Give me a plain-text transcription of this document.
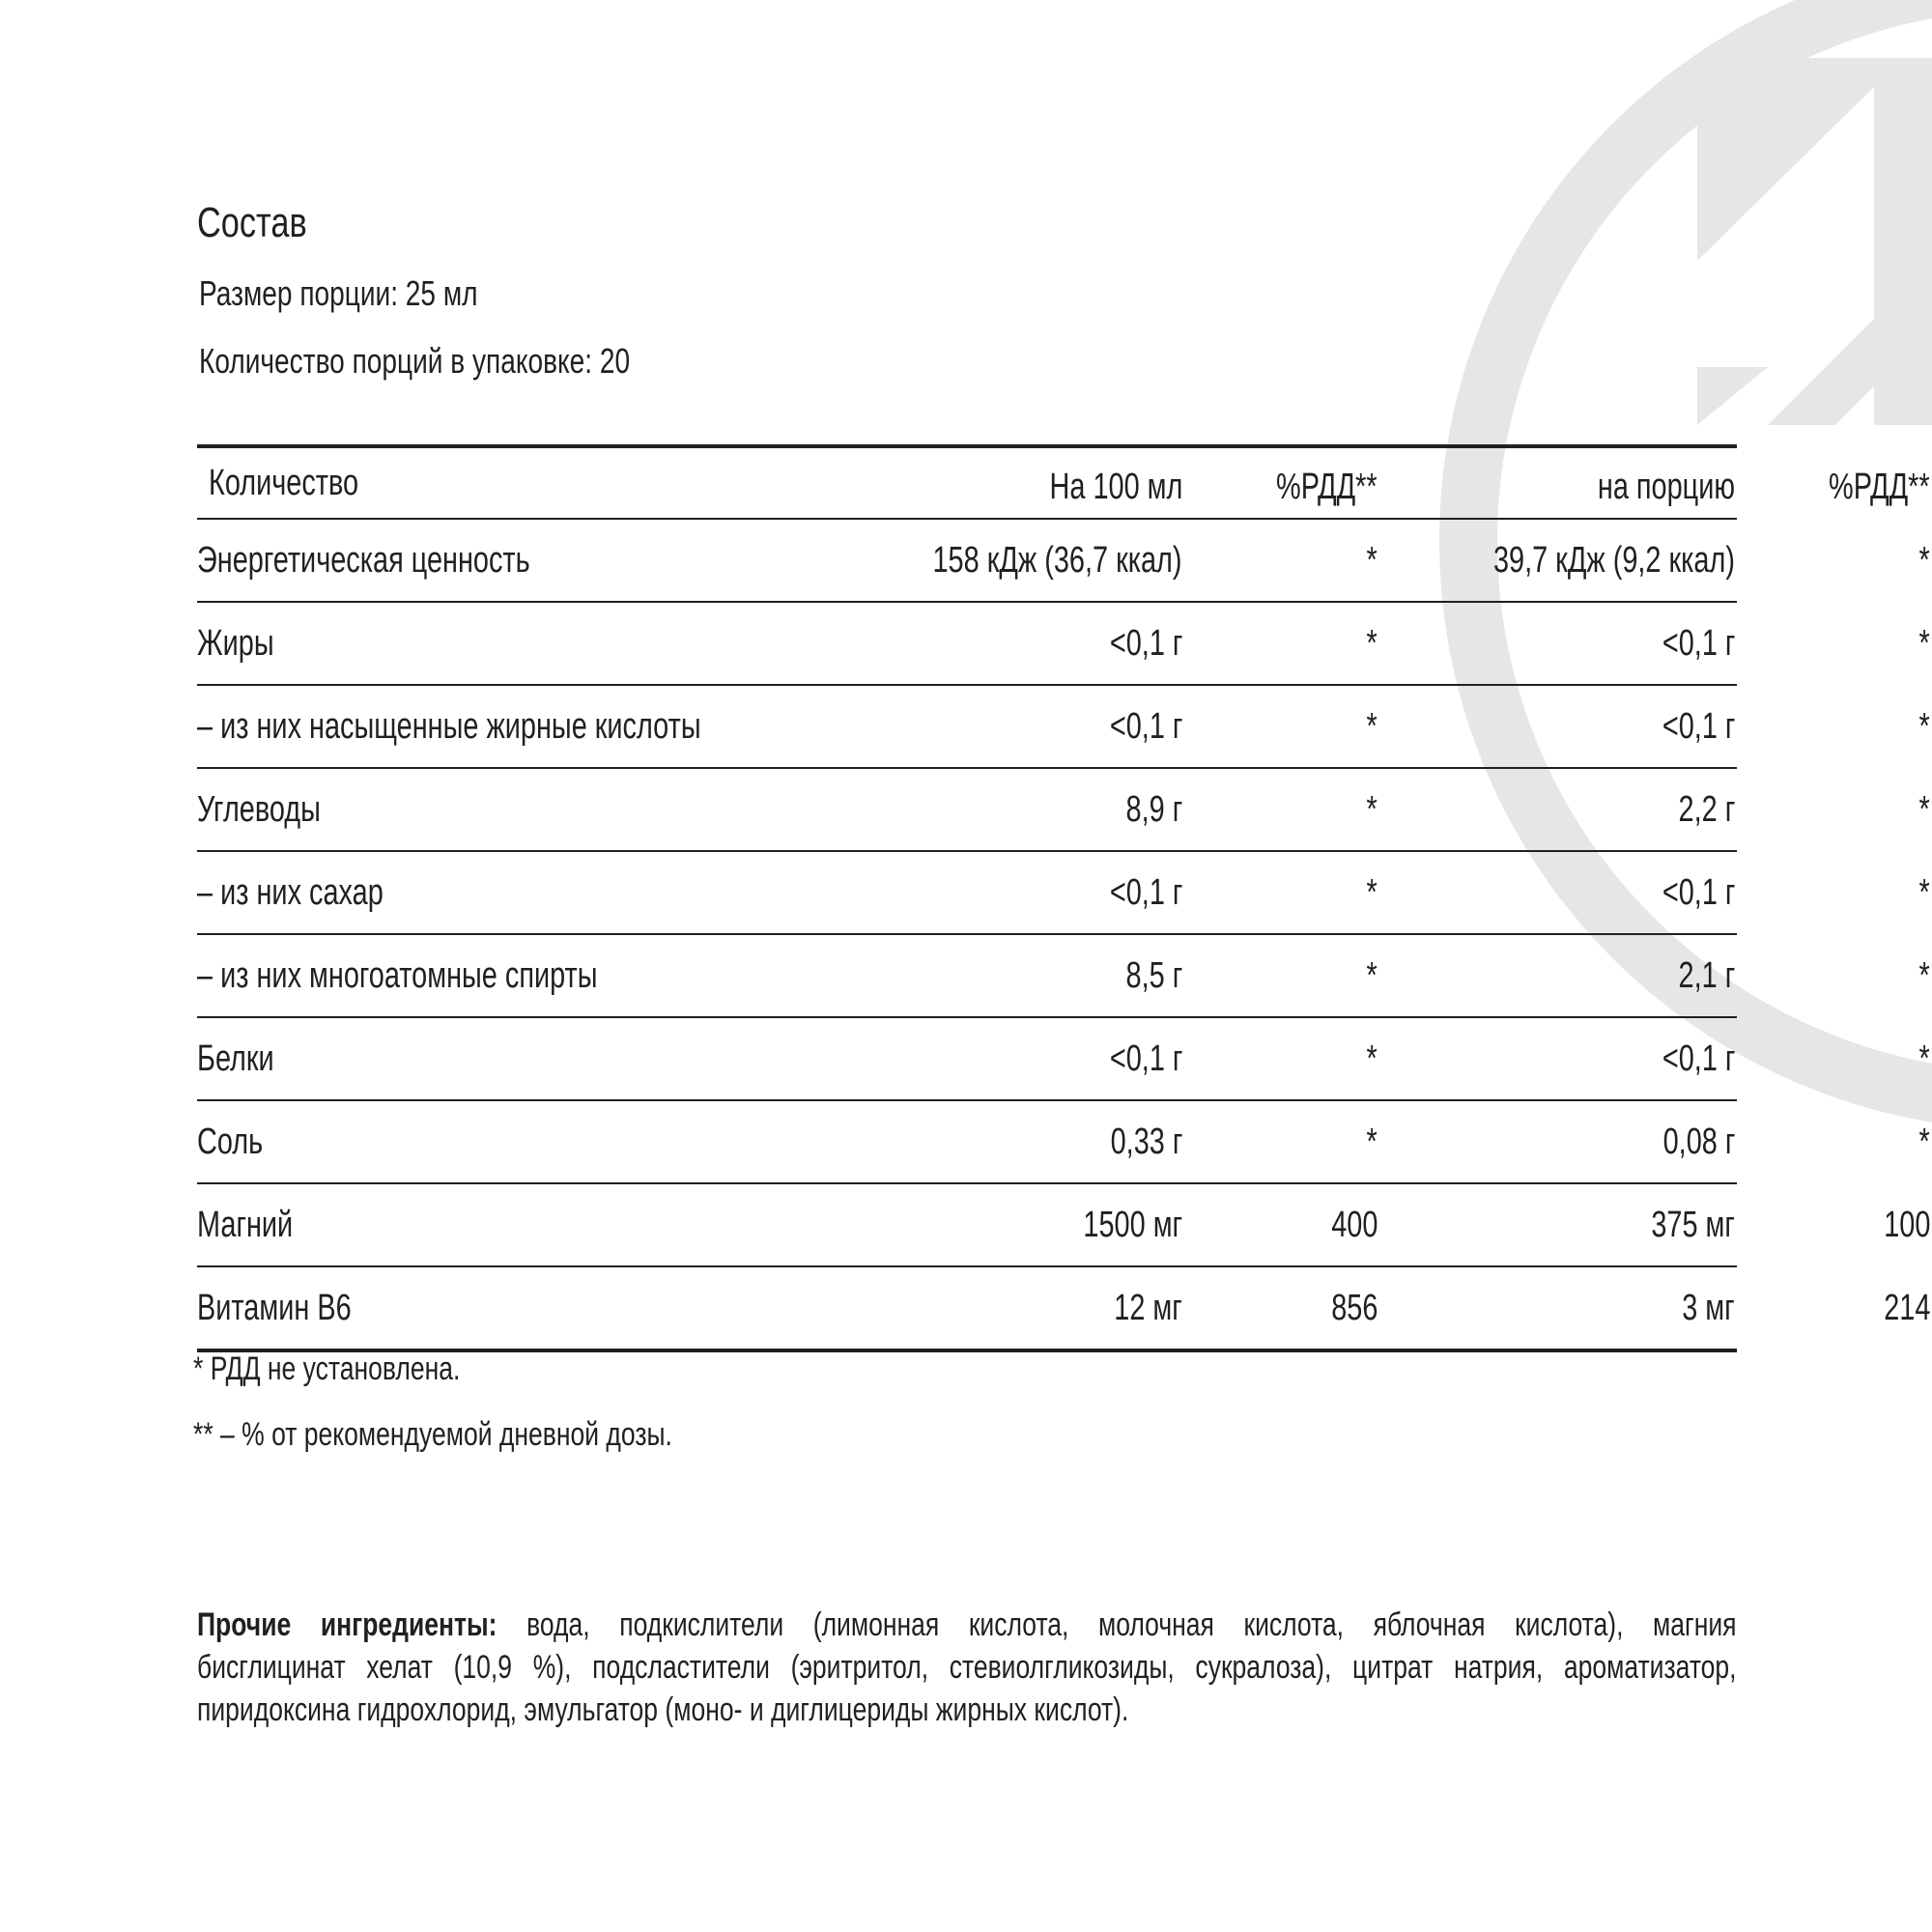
Состав
Размер порции: 25 мл
Количество порций в упаковке: 20
Количество	На 100 мл	%РДД**	на порцию	%РДД**
Энергетическая ценность	158 кДж (36,7 ккал)	*	39,7 кДж (9,2 ккал)	*
Жиры	<0,1 г	*	<0,1 г	*
– из них насыщенные жирные кислоты	<0,1 г	*	<0,1 г	*
Углеводы	8,9 г	*	2,2 г	*
– из них сахар	<0,1 г	*	<0,1 г	*
– из них многоатомные спирты	8,5 г	*	2,1 г	*
Белки	<0,1 г	*	<0,1 г	*
Соль	0,33 г	*	0,08 г	*
Магний	1500 мг	400	375 мг	100
Витамин B6	12 мг	856	3 мг	214
* РДД не установлена.
** – % от рекомендуемой дневной дозы.
Прочие ингредиенты: вода, подкислители (лимонная кислота, молочная кислота, яблочная кислота), магния
бисглицинат хелат (10,9 %), подсластители (эритритол, стевиолгликозиды, сукралоза), цитрат натрия, ароматизатор,
пиридоксина гидрохлорид, эмульгатор (моно- и диглицериды жирных кислот).
